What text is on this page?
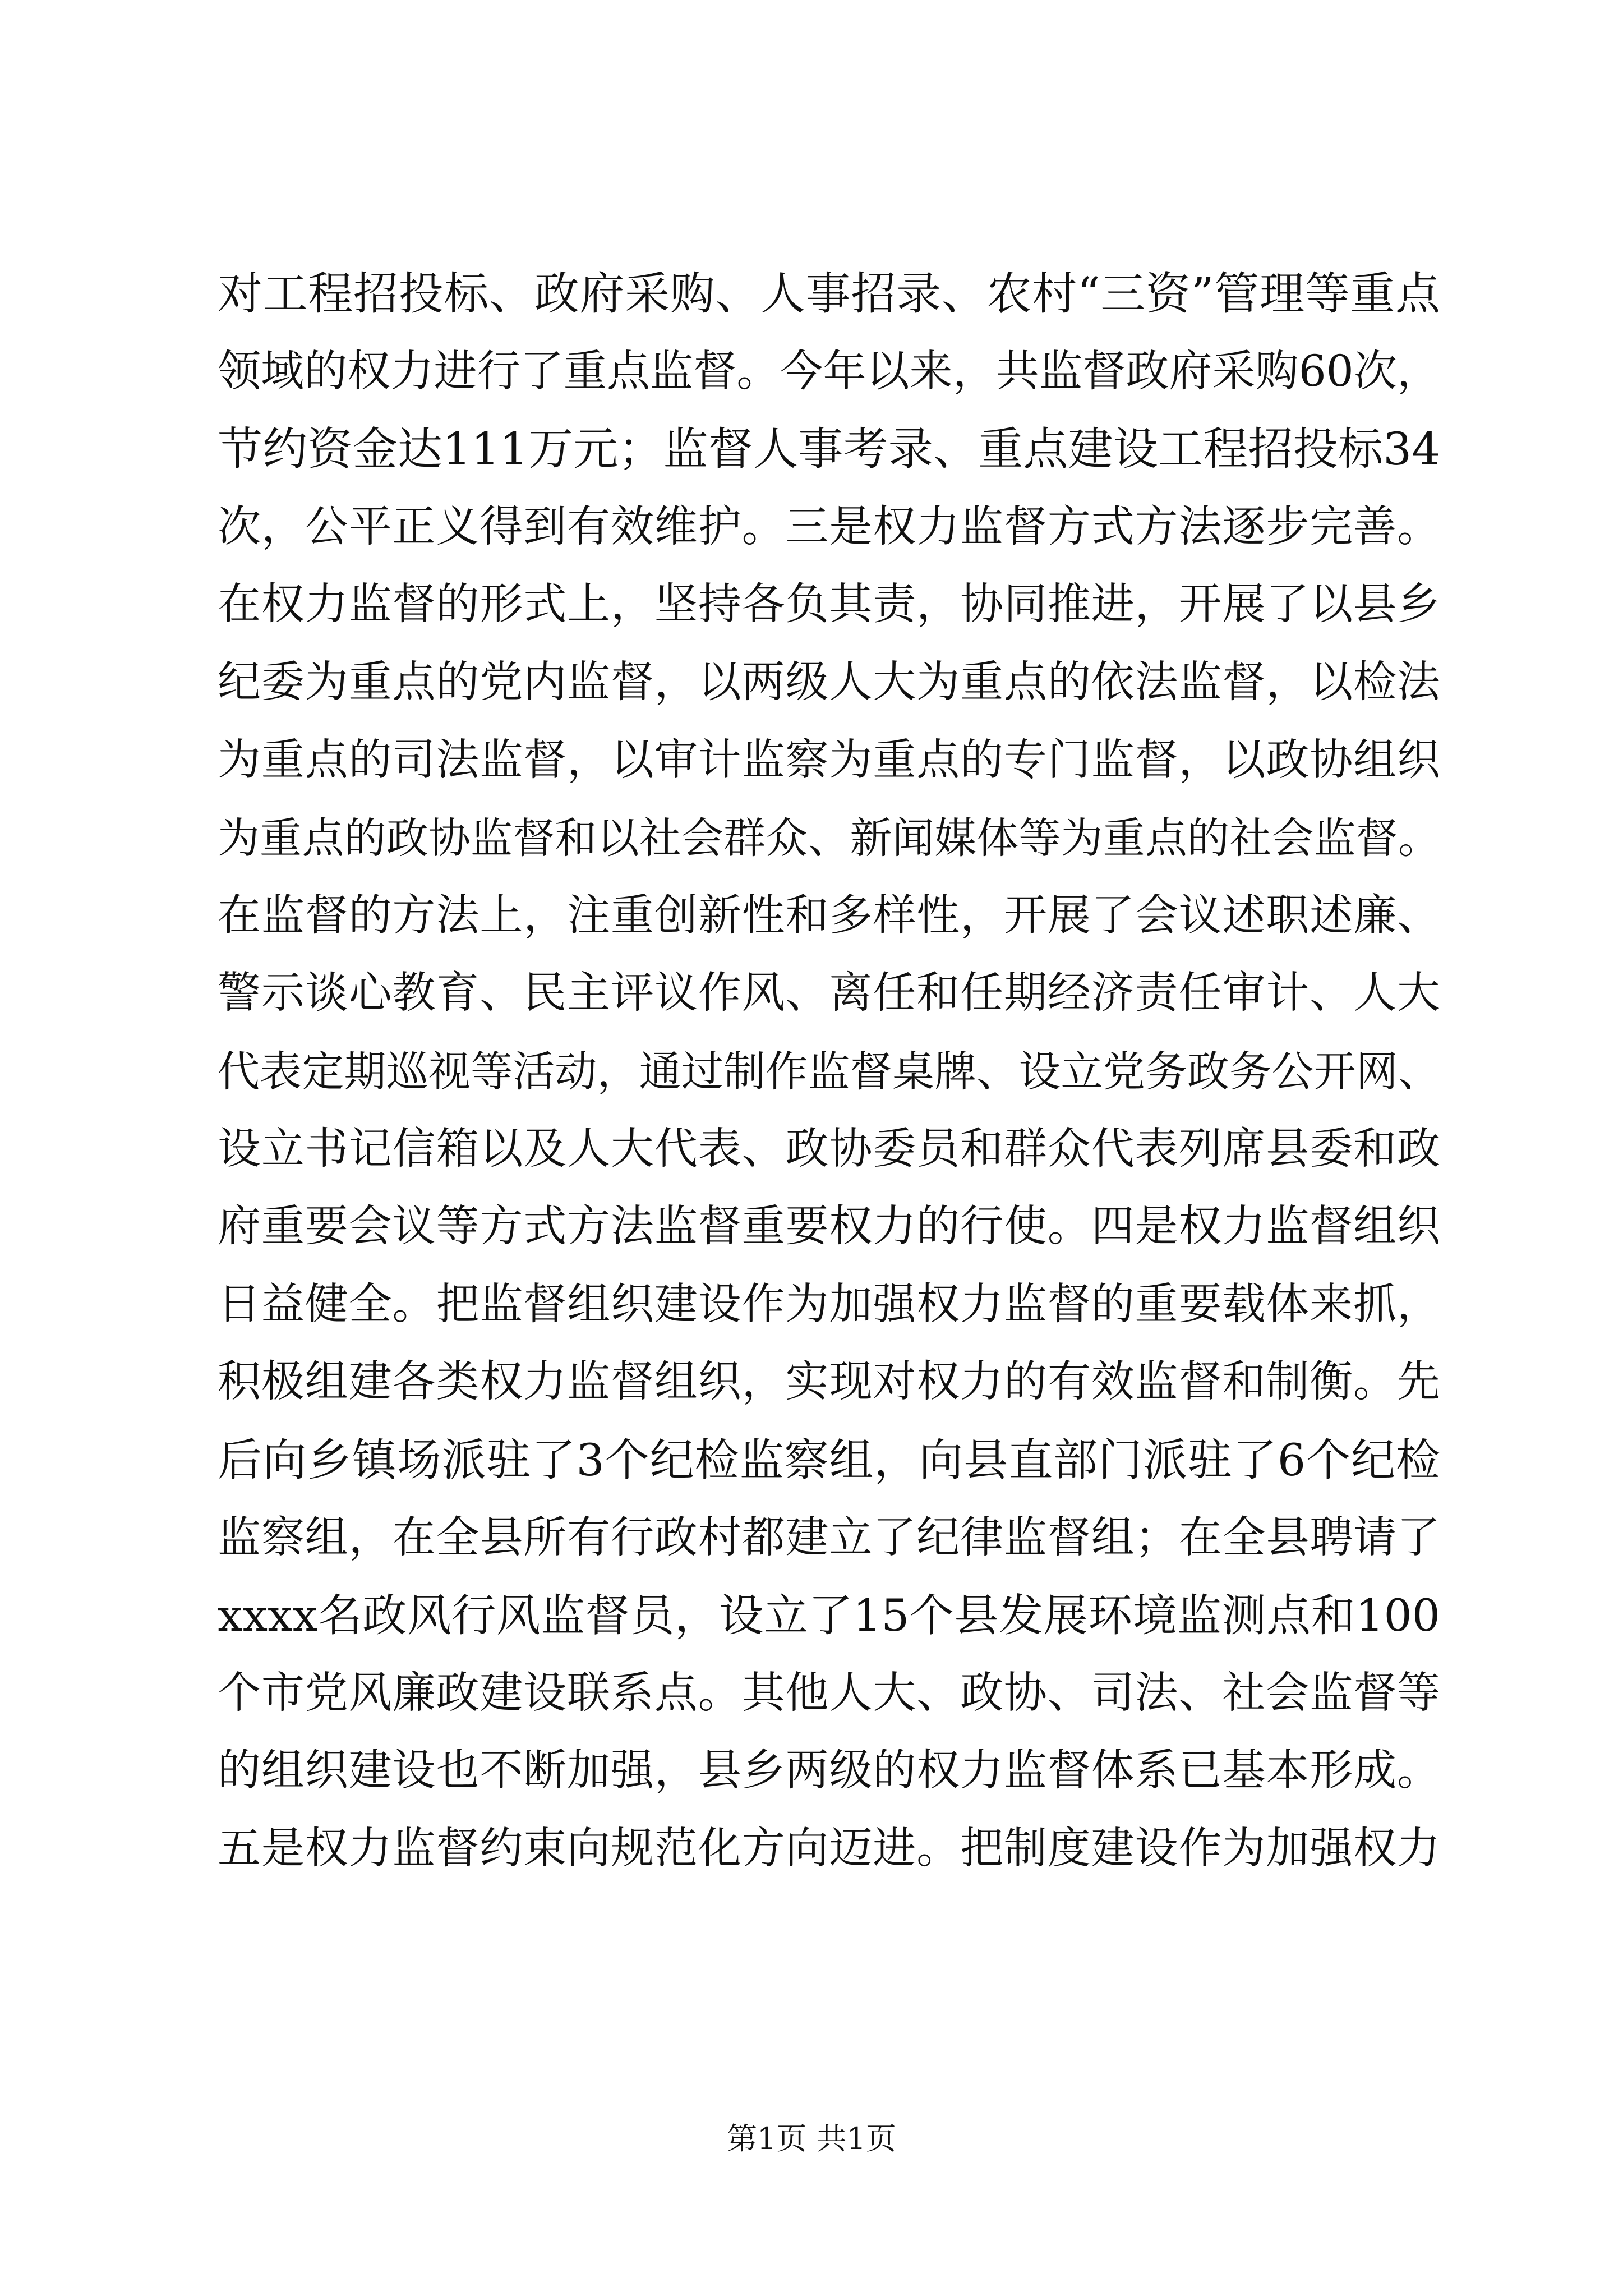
对工程招投标、政府采购、人事招录、农村“三资”管理等重点
领域的权力进行了重点监督。今年以来，共监督政府采购60次，
节约资金达111万元；监督人事考录、重点建设工程招投标34
次，公平正义得到有效维护。三是权力监督方式方法逐步完善。
在权力监督的形式上，坚持各负其责，协同推进，开展了以县乡
纪委为重点的党内监督，以两级人大为重点的依法监督，以检法
为重点的司法监督，以审计监察为重点的专门监督，以政协组织
为重点的政协监督和以社会群众、新闻媒体等为重点的社会监督。
在监督的方法上，注重创新性和多样性，开展了会议述职述廉、
警示谈心教育、民主评议作风、离任和任期经济责任审计、人大
代表定期巡视等活动，通过制作监督桌牌、设立党务政务公开网、
设立书记信箱以及人大代表、政协委员和群众代表列席县委和政
府重要会议等方式方法监督重要权力的行使。四是权力监督组织
日益健全。把监督组织建设作为加强权力监督的重要载体来抓，
积极组建各类权力监督组织，实现对权力的有效监督和制衡。先
后向乡镇场派驻了3个纪检监察组，向县直部门派驻了6个纪检
监察组，在全县所有行政村都建立了纪律监督组；在全县聘请了
xxxx名政风行风监督员，设立了15个县发展环境监测点和100
个市党风廉政建设联系点。其他人大、政协、司法、社会监督等
的组织建设也不断加强，县乡两级的权力监督体系已基本形成。
五是权力监督约束向规范化方向迈进。把制度建设作为加强权力
第1页 共1页
